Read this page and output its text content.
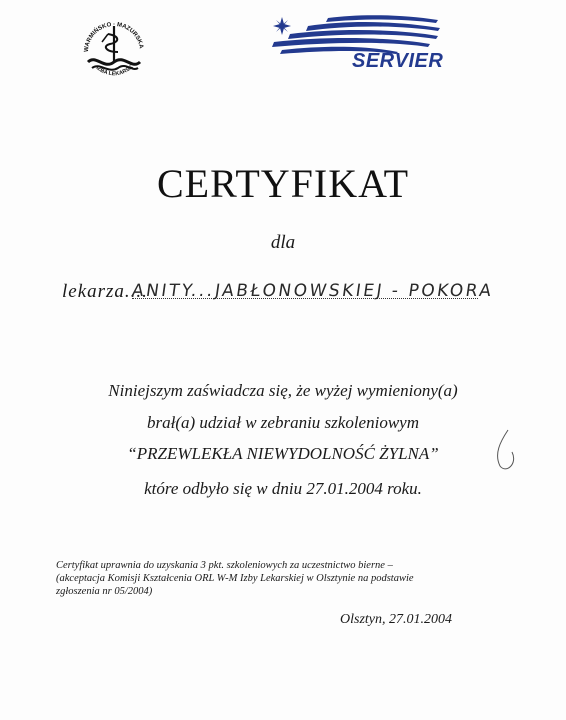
WARMIŃSKO · MAZURSKA
IZBA LEKARSK	SERVIER
CERTYFIKAT
dla
lekarza....
ANITY...JABŁONOWSKIEJ - POKORA
Niniejszym zaświadcza się, że wyżej wymieniony(a)
brał(a) udział w zebraniu szkoleniowym
“PRZEWLEKŁA NIEWYDOLNOŚĆ ŻYLNA”
które odbyło się w dniu 27.01.2004 roku.
Certyfikat uprawnia do uzyskania 3 pkt. szkoleniowych za uczestnictwo bierne –
(akceptacja Komisji Kształcenia ORL W-M Izby Lekarskiej w Olsztynie na podstawie
zgłoszenia nr 05/2004)
Olsztyn, 27.01.2004
